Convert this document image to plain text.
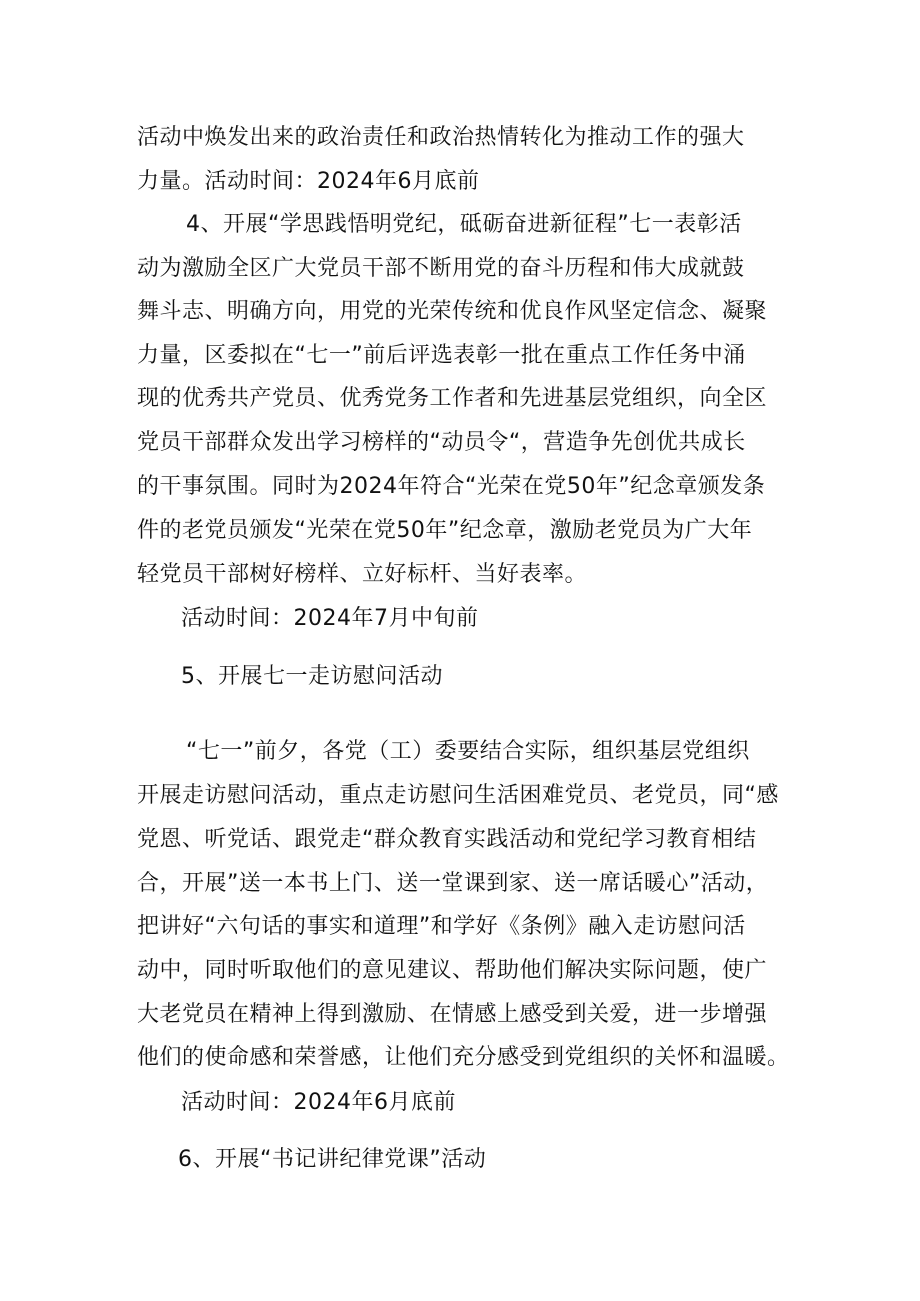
活动中焕发出来的政治责任和政治热情转化为推动工作的强大
力量。活动时间：2024年6月底前
4、开展“学思践悟明党纪，砥砺奋进新征程”七一表彰活
动为激励全区广大党员干部不断用党的奋斗历程和伟大成就鼓
舞斗志、明确方向，用党的光荣传统和优良作风坚定信念、凝聚
力量，区委拟在“七一”前后评选表彰一批在重点工作任务中涌
现的优秀共产党员、优秀党务工作者和先进基层党组织，向全区
党员干部群众发出学习榜样的“动员令“，营造争先创优共成长
的干事氛围。同时为2024年符合“光荣在党50年”纪念章颁发条
件的老党员颁发“光荣在党50年”纪念章，激励老党员为广大年
轻党员干部树好榜样、立好标杆、当好表率。
活动时间：2024年7月中旬前
5、开展七一走访慰问活动
“七一”前夕，各党（工）委要结合实际，组织基层党组织
开展走访慰问活动，重点走访慰问生活困难党员、老党员，同“感
党恩、听党话、跟党走“群众教育实践活动和党纪学习教育相结
合，开展”送一本书上门、送一堂课到家、送一席话暖心”活动，
把讲好“六句话的事实和道理”和学好《条例》融入走访慰问活
动中，同时听取他们的意见建议、帮助他们解决实际问题，使广
大老党员在精神上得到激励、在情感上感受到关爱，进一步增强
他们的使命感和荣誉感，让他们充分感受到党组织的关怀和温暖。
活动时间：2024年6月底前
6、开展“书记讲纪律党课”活动
